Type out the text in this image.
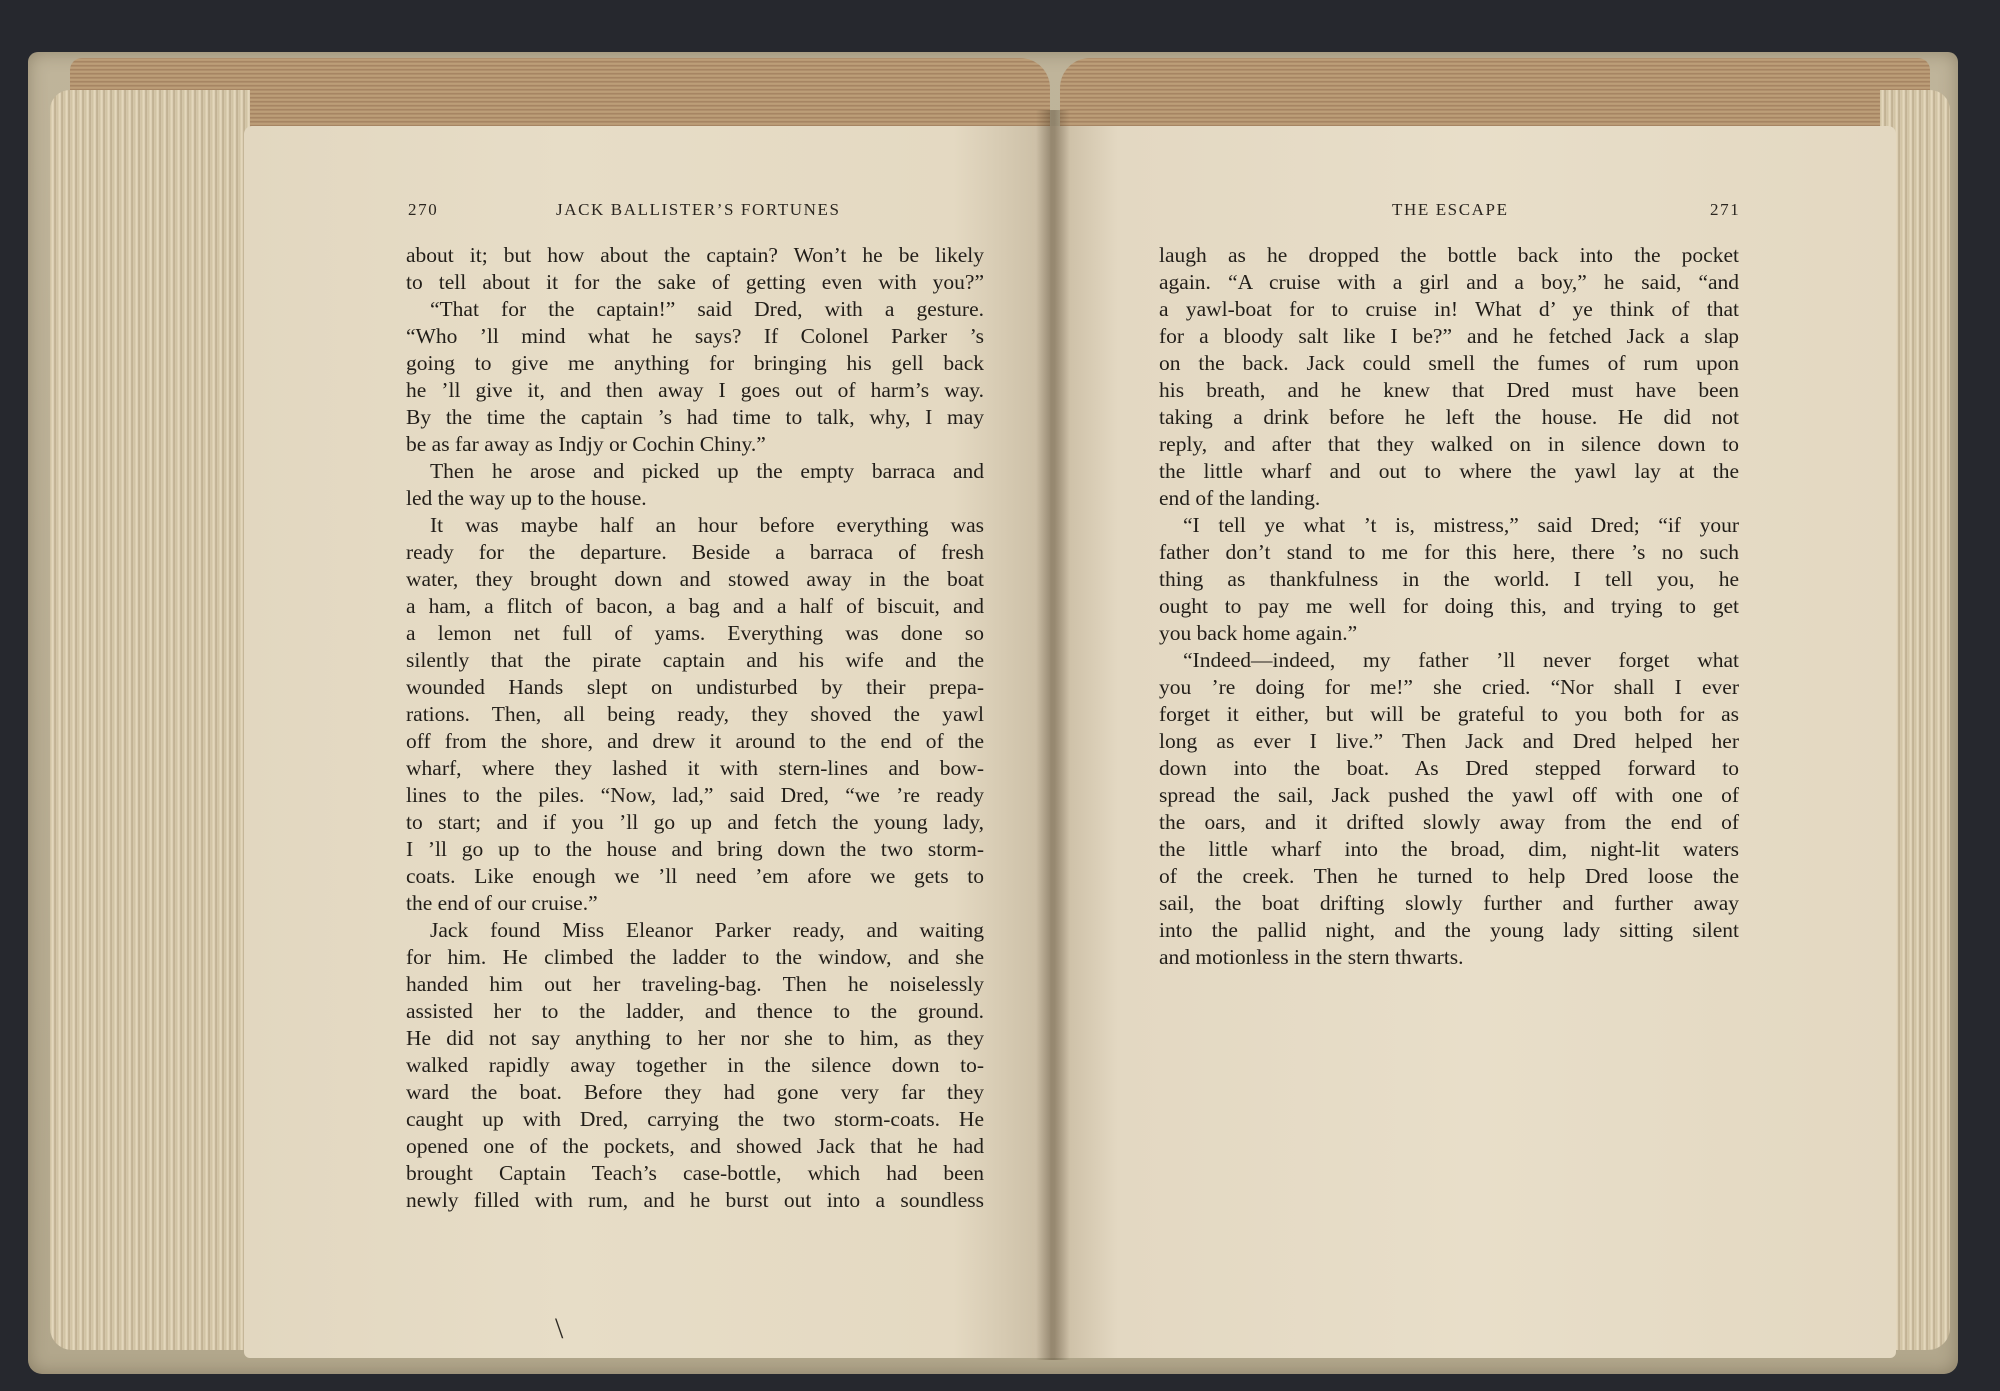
270	JACK BALLISTER’S FORTUNES	THE ESCAPE	271
about it; but how about the captain? Won’t he be likely
to tell about it for the sake of getting even with you?”
“That for the captain!” said Dred, with a gesture.
“Who ’ll mind what he says? If Colonel Parker ’s
going to give me anything for bringing his gell back
he ’ll give it, and then away I goes out of harm’s way.
By the time the captain ’s had time to talk, why, I may
be as far away as Indjy or Cochin Chiny.”
Then he arose and picked up the empty barraca and
led the way up to the house.
It was maybe half an hour before everything was
ready for the departure. Beside a barraca of fresh
water, they brought down and stowed away in the boat
a ham, a flitch of bacon, a bag and a half of biscuit, and
a lemon net full of yams. Everything was done so
silently that the pirate captain and his wife and the
wounded Hands slept on undisturbed by their prepa-
rations. Then, all being ready, they shoved the yawl
off from the shore, and drew it around to the end of the
wharf, where they lashed it with stern-lines and bow-
lines to the piles. “Now, lad,” said Dred, “we ’re ready
to start; and if you ’ll go up and fetch the young lady,
I ’ll go up to the house and bring down the two storm-
coats. Like enough we ’ll need ’em afore we gets to
the end of our cruise.”
Jack found Miss Eleanor Parker ready, and waiting
for him. He climbed the ladder to the window, and she
handed him out her traveling-bag. Then he noiselessly
assisted her to the ladder, and thence to the ground.
He did not say anything to her nor she to him, as they
walked rapidly away together in the silence down to-
ward the boat. Before they had gone very far they
caught up with Dred, carrying the two storm-coats. He
opened one of the pockets, and showed Jack that he had
brought Captain Teach’s case-bottle, which had been
newly filled with rum, and he burst out into a soundless
laugh as he dropped the bottle back into the pocket
again. “A cruise with a girl and a boy,” he said, “and
a yawl-boat for to cruise in! What d’ ye think of that
for a bloody salt like I be?” and he fetched Jack a slap
on the back. Jack could smell the fumes of rum upon
his breath, and he knew that Dred must have been
taking a drink before he left the house. He did not
reply, and after that they walked on in silence down to
the little wharf and out to where the yawl lay at the
end of the landing.
“I tell ye what ’t is, mistress,” said Dred; “if your
father don’t stand to me for this here, there ’s no such
thing as thankfulness in the world. I tell you, he
ought to pay me well for doing this, and trying to get
you back home again.”
“Indeed—indeed, my father ’ll never forget what
you ’re doing for me!” she cried. “Nor shall I ever
forget it either, but will be grateful to you both for as
long as ever I live.” Then Jack and Dred helped her
down into the boat. As Dred stepped forward to
spread the sail, Jack pushed the yawl off with one of
the oars, and it drifted slowly away from the end of
the little wharf into the broad, dim, night-lit waters
of the creek. Then he turned to help Dred loose the
sail, the boat drifting slowly further and further away
into the pallid night, and the young lady sitting silent
and motionless in the stern thwarts.
\
